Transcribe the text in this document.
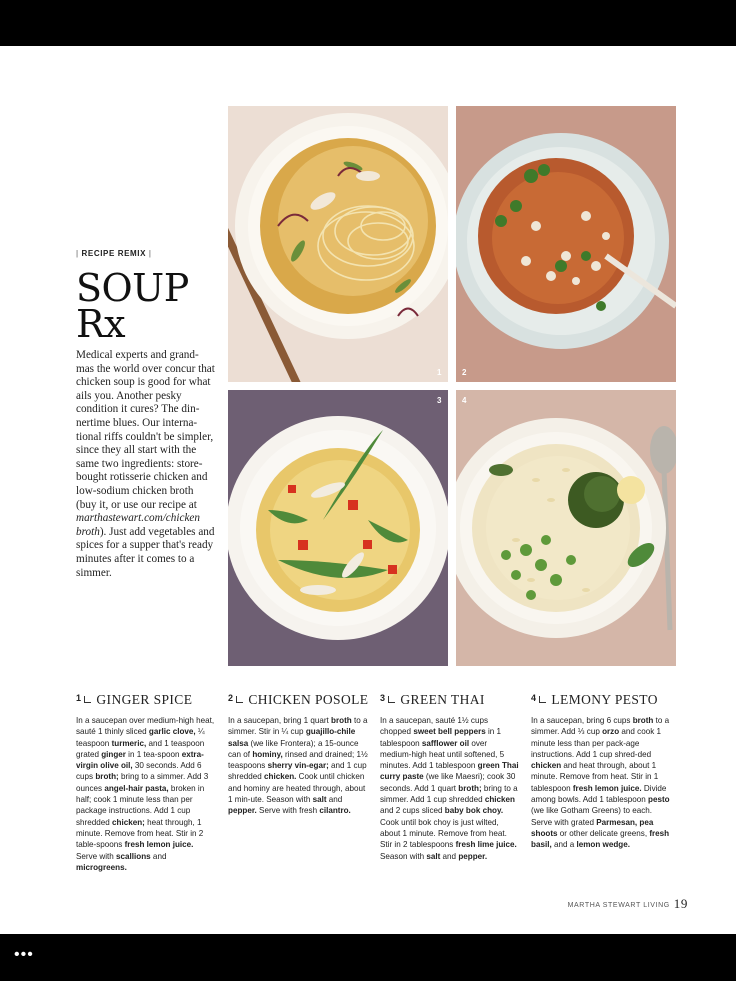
| RECIPE REMIX |
SOUP
Rx
Medical experts and grand-mas the world over concur that chicken soup is good for what ails you. Another pesky condition it cures? The din-nertime blues. Our interna-tional riffs couldn't be simpler, since they all start with the same two ingredients: store-bought rotisserie chicken and low-sodium chicken broth (buy it, or use our recipe at marthastewart.com/chicken broth). Just add vegetables and spices for a supper that's ready minutes after it comes to a simmer.
1	2
3	4
$^1$ GINGER SPICE
In a saucepan over medium-high heat, sauté 1 thinly sliced garlic clove, ¼ teaspoon turmeric, and 1 teaspoon grated ginger in 1 tea-spoon extra-virgin olive oil, 30 seconds. Add 6 cups broth; bring to a simmer. Add 3 ounces angel-hair pasta, broken in half; cook 1 minute less than per package instructions. Add 1 cup shredded chicken; heat through, 1 minute. Remove from heat. Stir in 2 table-spoons fresh lemon juice. Serve with scallions and microgreens.
$^2$ CHICKEN POSOLE
In a saucepan, bring 1 quart broth to a simmer. Stir in ¼ cup guajillo-chile salsa (we like Frontera); a 15-ounce can of hominy, rinsed and drained; 1½ teaspoons sherry vin-egar; and 1 cup shredded chicken. Cook until chicken and hominy are heated through, about 1 min-ute. Season with salt and pepper. Serve with fresh cilantro.
$^3$ GREEN THAI
In a saucepan, sauté 1½ cups chopped sweet bell peppers in 1 tablespoon safflower oil over medium-high heat until softened, 5 minutes. Add 1 tablespoon green Thai curry paste (we like Maesri); cook 30 seconds. Add 1 quart broth; bring to a simmer. Add 1 cup shredded chicken and 2 cups sliced baby bok choy. Cook until bok choy is just wilted, about 1 minute. Remove from heat. Stir in 2 tablespoons fresh lime juice. Season with salt and pepper.
$^4$ LEMONY PESTO
In a saucepan, bring 6 cups broth to a simmer. Add ⅓ cup orzo and cook 1 minute less than per pack-age instructions. Add 1 cup shred-ded chicken and heat through, about 1 minute. Remove from heat. Stir in 1 tablespoon fresh lemon juice. Divide among bowls. Add 1 tablespoon pesto (we like Gotham Greens) to each. Serve with grated Parmesan, pea shoots or other delicate greens, fresh basil, and a lemon wedge.
MARTHA STEWART LIVING 19
•••
